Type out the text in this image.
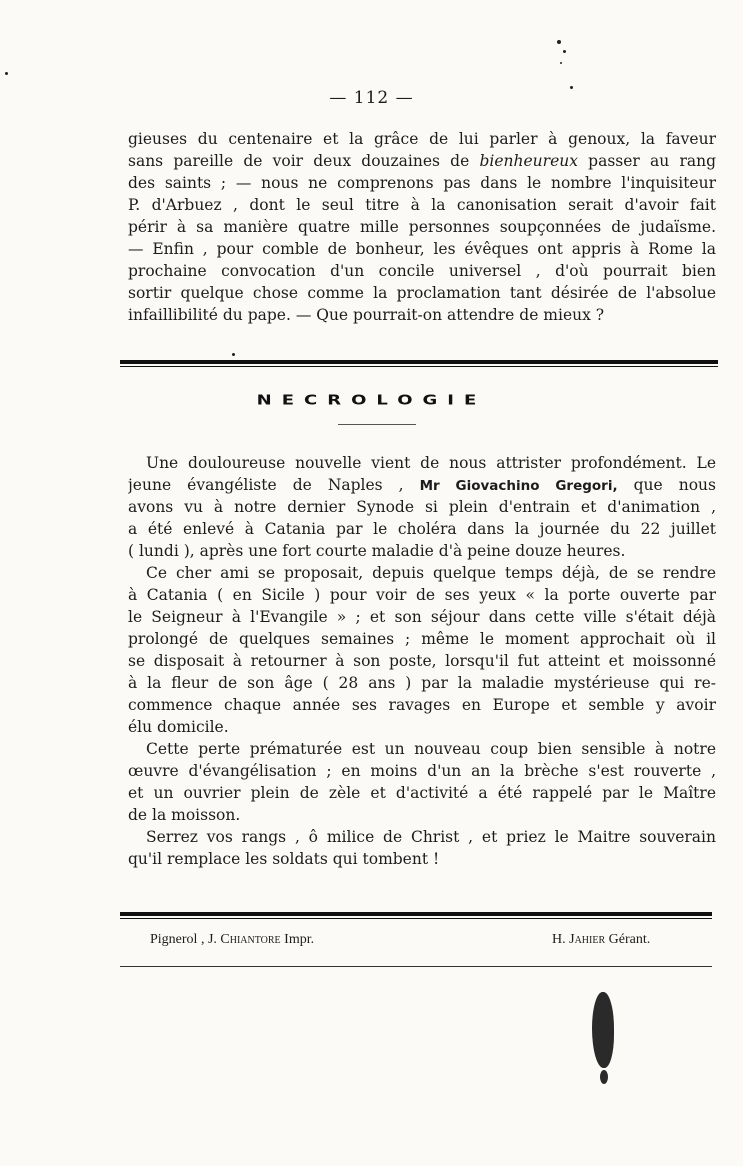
— 112 —
gieuses du centenaire et la grâce de lui parler à genoux, la faveur
sans pareille de voir deux douzaines de bienheureux passer au rang
des saints ; — nous ne comprenons pas dans le nombre l'inquisiteur
P. d'Arbuez , dont le seul titre à la canonisation serait d'avoir fait
périr à sa manière quatre mille personnes soupçonnées de judaïsme.
— Enfin , pour comble de bonheur, les évêques ont appris à Rome la
prochaine convocation d'un concile universel , d'où pourrait bien
sortir quelque chose comme la proclamation tant désirée de l'absolue
infaillibilité du pape. — Que pourrait-on attendre de mieux ?
NECROLOGIE
Une douloureuse nouvelle vient de nous attrister profondément. Le
jeune évangéliste de Naples , Mr Giovachino Gregori, que nous
avons vu à notre dernier Synode si plein d'entrain et d'animation ,
a été enlevé à Catania par le choléra dans la journée du 22 juillet
( lundi ), après une fort courte maladie d'à peine douze heures.
Ce cher ami se proposait, depuis quelque temps déjà, de se rendre
à Catania ( en Sicile ) pour voir de ses yeux « la porte ouverte par
le Seigneur à l'Evangile » ; et son séjour dans cette ville s'était déjà
prolongé de quelques semaines ; même le moment approchait où il
se disposait à retourner à son poste, lorsqu'il fut atteint et moissonné
à la fleur de son âge ( 28 ans ) par la maladie mystérieuse qui re-
commence chaque année ses ravages en Europe et semble y avoir
élu domicile.
Cette perte prématurée est un nouveau coup bien sensible à notre
œuvre d'évangélisation ; en moins d'un an la brèche s'est rouverte ,
et un ouvrier plein de zèle et d'activité a été rappelé par le Maître
de la moisson.
Serrez vos rangs , ô milice de Christ , et priez le Maitre souverain
qu'il remplace les soldats qui tombent !
Pignerol , J. Chiantore Impr.	H. Jahier Gérant.
